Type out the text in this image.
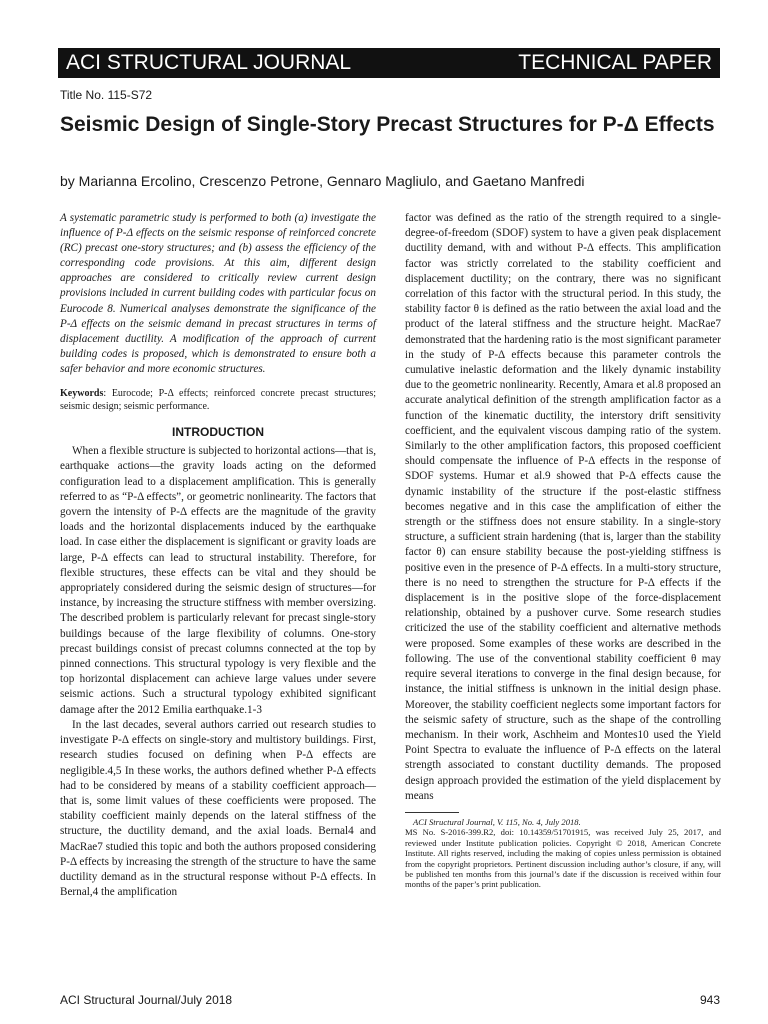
ACI STRUCTURAL JOURNAL	TECHNICAL PAPER
Title No. 115-S72
Seismic Design of Single-Story Precast Structures for P-Δ Effects
by Marianna Ercolino, Crescenzo Petrone, Gennaro Magliulo, and Gaetano Manfredi

A systematic parametric study is performed to both (a) investigate the influence of P-Δ effects on the seismic response of reinforced concrete (RC) precast one-story structures; and (b) assess the efficiency of the corresponding code provisions. At this aim, different design approaches are considered to critically review current design provisions included in current building codes with particular focus on Eurocode 8. Numerical analyses demonstrate the significance of the P-Δ effects on the seismic demand in precast structures in terms of displacement ductility. A modification of the approach of current building codes is proposed, which is demonstrated to ensure both a safer behavior and more economic structures.

Keywords: Eurocode; P-Δ effects; reinforced concrete precast structures; seismic design; seismic performance.

INTRODUCTION

When a flexible structure is subjected to horizontal actions—that is, earthquake actions—the gravity loads acting on the deformed configuration lead to a displacement amplification. This is generally referred to as “P-Δ effects”, or geometric nonlinearity. The factors that govern the intensity of P-Δ effects are the magnitude of the gravity loads and the horizontal displacements induced by the earthquake load. In case either the displacement is significant or gravity loads are large, P-Δ effects can lead to structural instability. Therefore, for flexible structures, these effects can be vital and they should be appropriately considered during the seismic design of structures—for instance, by increasing the structure stiffness with member oversizing. The described problem is particularly relevant for precast single-story buildings because of the large flexibility of columns. One-story precast buildings consist of precast columns connected at the top by pinned connections. This structural typology is very flexible and the top horizontal displacement can achieve large values under severe seismic actions. Such a structural typology exhibited significant damage after the 2012 Emilia earthquake.1-3

In the last decades, several authors carried out research studies to investigate P-Δ effects on single-story and multistory buildings. First, research studies focused on defining when P-Δ effects are negligible.4,5 In these works, the authors defined whether P-Δ effects had to be considered by means of a stability coefficient approach—that is, some limit values of these coefficients were proposed. The stability coefficient mainly depends on the lateral stiffness of the structure, the ductility demand, and the axial loads. Bernal4 and MacRae7 studied this topic and both the authors proposed considering P-Δ effects by increasing the strength of the structure to have the same ductility demand as in the structural response without P-Δ effects. In Bernal,4 the amplification

factor was defined as the ratio of the strength required to a single-degree-of-freedom (SDOF) system to have a given peak displacement ductility demand, with and without P-Δ effects. This amplification factor was strictly correlated to the stability coefficient and displacement ductility; on the contrary, there was no significant correlation of this factor with the structural period. In this study, the stability factor θ is defined as the ratio between the axial load and the product of the lateral stiffness and the structure height. MacRae7 demonstrated that the hardening ratio is the most significant parameter in the study of P-Δ effects because this parameter controls the cumulative inelastic deformation and the likely dynamic instability due to the geometric nonlinearity. Recently, Amara et al.8 proposed an accurate analytical definition of the strength amplification factor as a function of the kinematic ductility, the interstory drift sensitivity coefficient, and the equivalent viscous damping ratio of the system. Similarly to the other amplification factors, this proposed coefficient should compensate the influence of P-Δ effects in the response of SDOF systems. Humar et al.9 showed that P-Δ effects cause the dynamic instability of the structure if the post-elastic stiffness becomes negative and in this case the amplification of either the strength or the stiffness does not ensure stability. In a single-story structure, a sufficient strain hardening (that is, larger than the stability factor θ) can ensure stability because the post-yielding stiffness is positive even in the presence of P-Δ effects. In a multi-story structure, there is no need to strengthen the structure for P-Δ effects if the displacement is in the positive slope of the force-displacement relationship, obtained by a pushover curve. Some research studies criticized the use of the stability coefficient and alternative methods were proposed. Some examples of these works are described in the following. The use of the conventional stability coefficient θ may require several iterations to converge in the final design because, for instance, the initial stiffness is unknown in the initial design phase. Moreover, the stability coefficient neglects some important factors for the seismic safety of structure, such as the shape of the controlling mechanism. In their work, Aschheim and Montes10 used the Yield Point Spectra to evaluate the influence of P-Δ effects on the lateral strength associated to constant ductility demands. The proposed design approach provided the estimation of the yield displacement by means

ACI Structural Journal, V. 115, No. 4, July 2018.

MS No. S-2016-399.R2, doi: 10.14359/51701915, was received July 25, 2017, and reviewed under Institute publication policies. Copyright © 2018, American Concrete Institute. All rights reserved, including the making of copies unless permission is obtained from the copyright proprietors. Pertinent discussion including author’s closure, if any, will be published ten months from this journal’s date if the discussion is received within four months of the paper’s print publication.

ACI Structural Journal/July 2018	943
